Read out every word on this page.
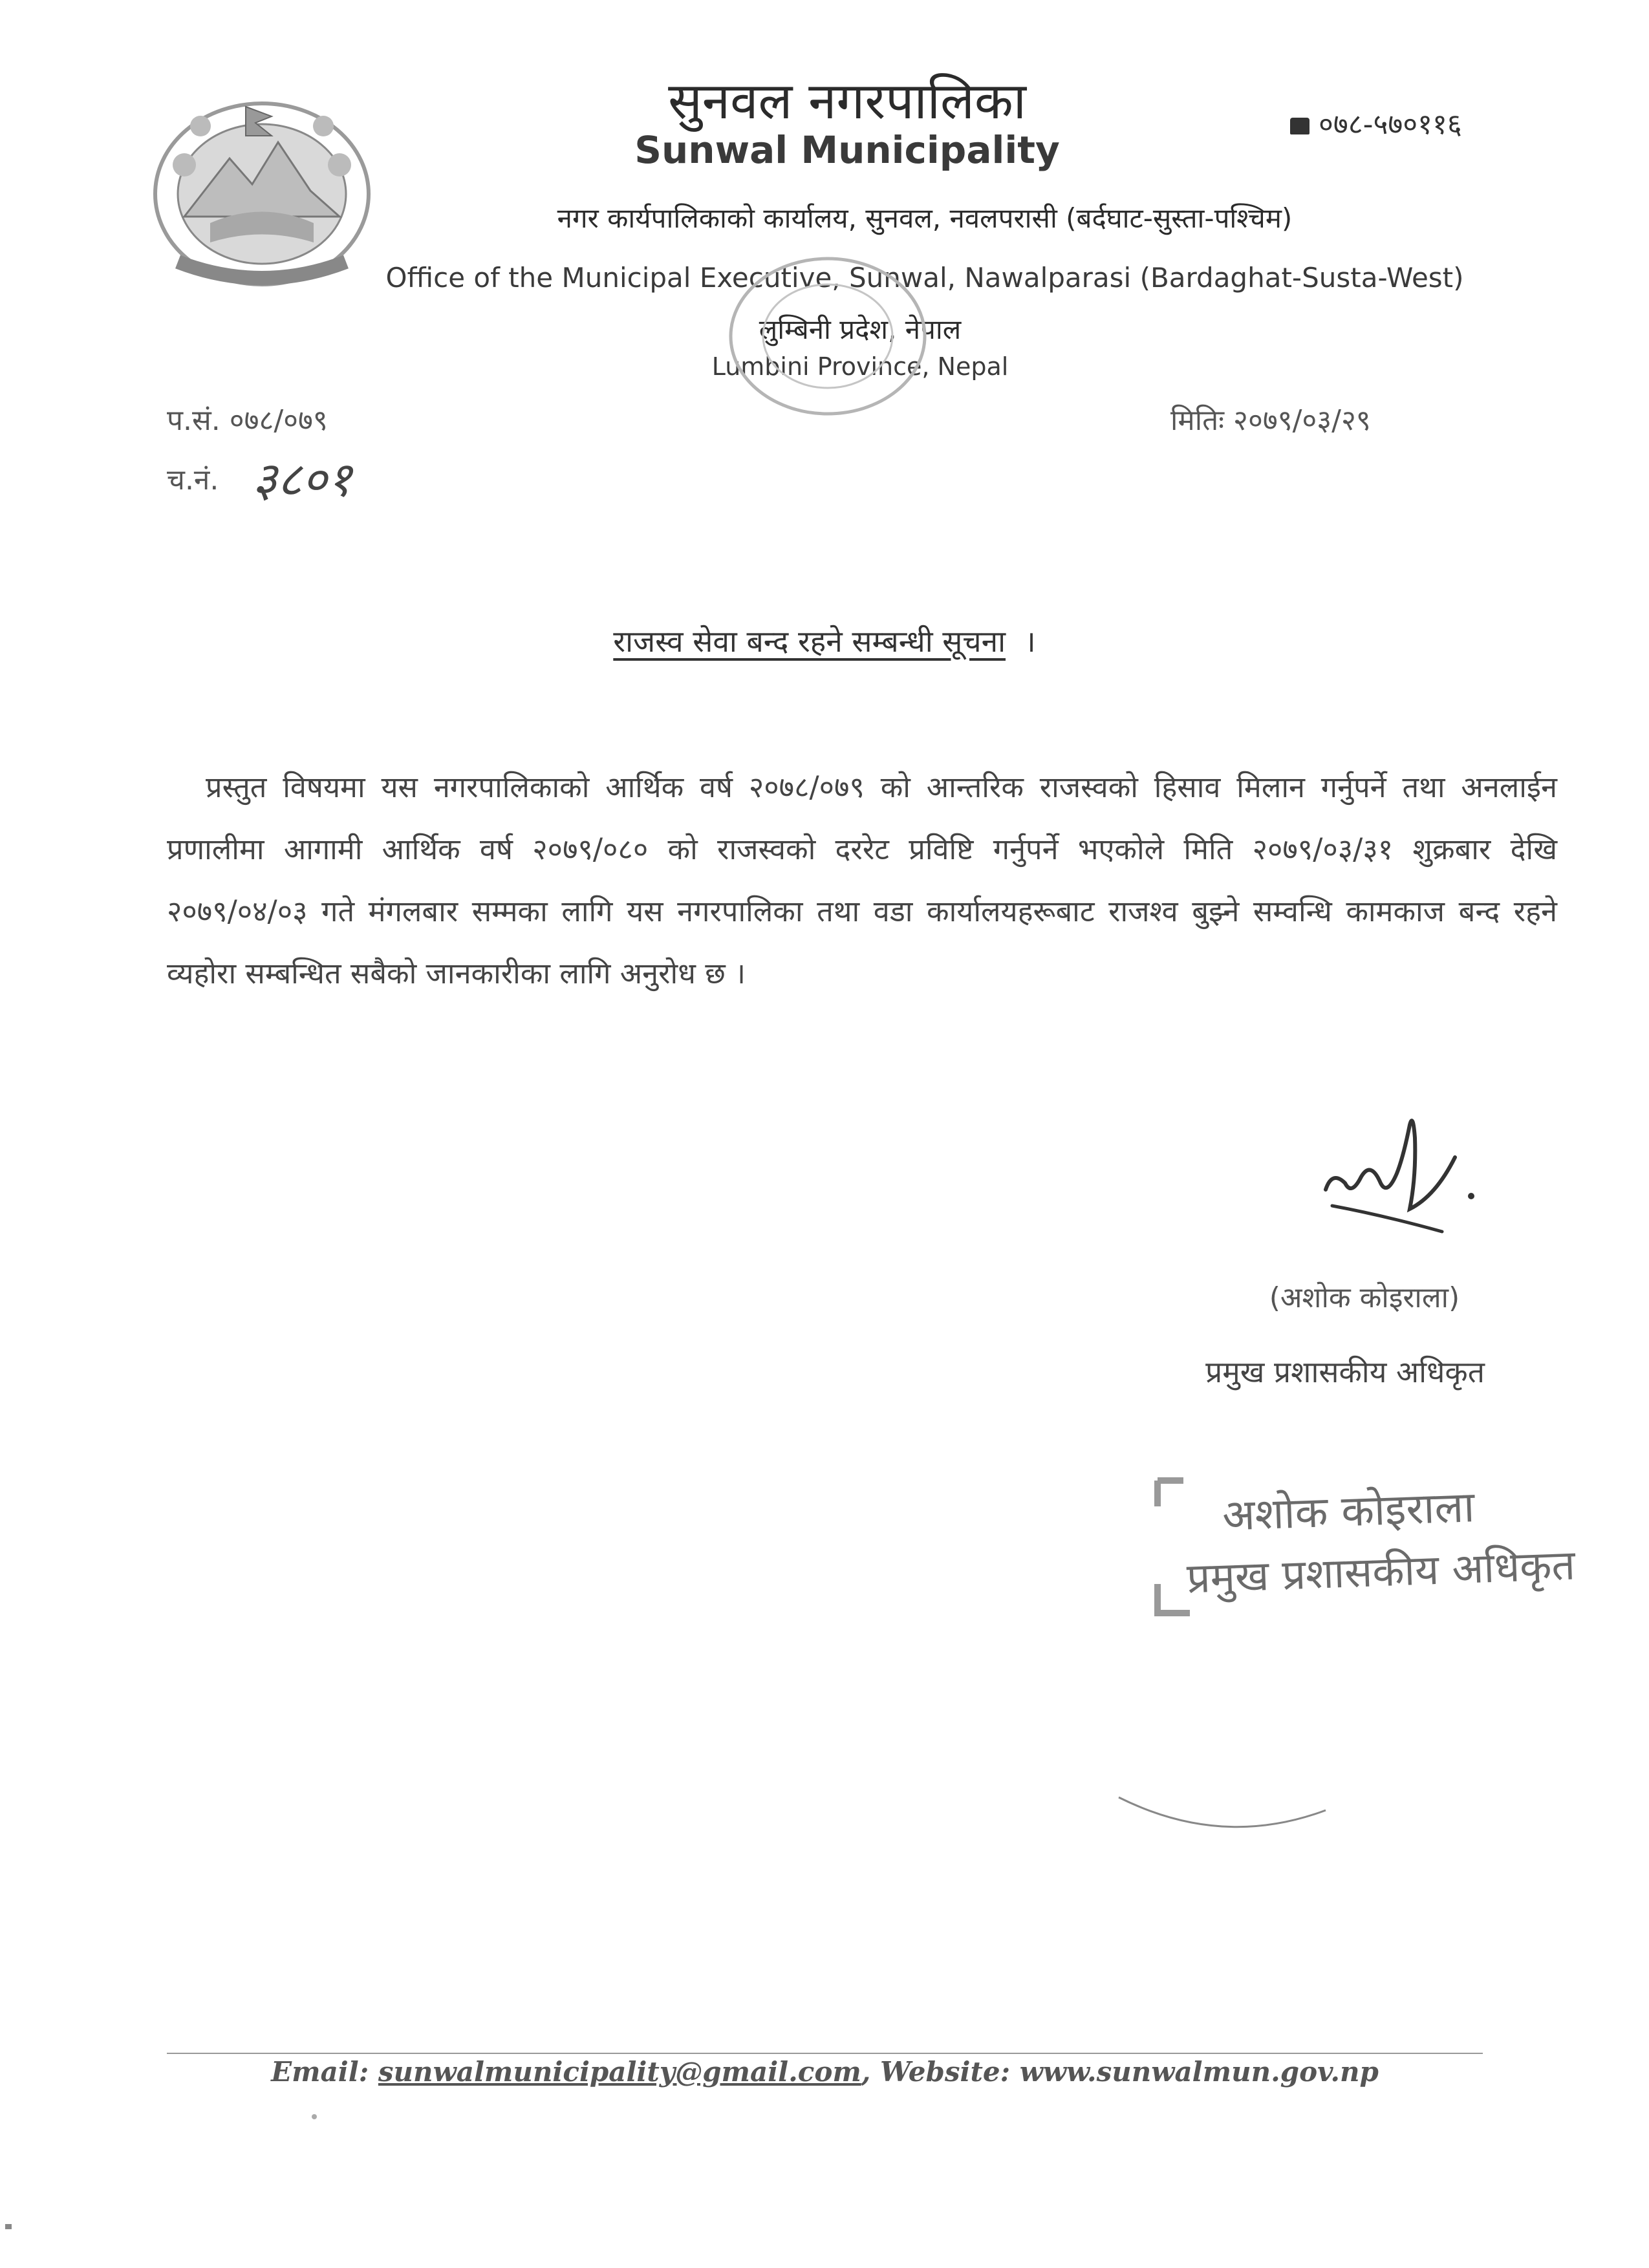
सुनवल नगरपालिका
Sunwal Municipality
०७८-५७०११६
नगर कार्यपालिकाको कार्यालय, सुनवल, नवलपरासी (बर्दघाट-सुस्ता-पश्चिम)
Office of the Municipal Executive, Sunwal, Nawalparasi (Bardaghat-Susta-West)
लुम्बिनी प्रदेश, नेपाल
Lumbini Province, Nepal
प.सं. ०७८/०७९
च.नं. ३८०१
मितिः २०७९/०३/२९
राजस्व सेवा बन्द रहने सम्बन्धी सूचना ।
प्रस्तुत विषयमा यस नगरपालिकाको आर्थिक वर्ष २०७८/०७९ को आन्तरिक राजस्वको हिसाव मिलान गर्नुपर्ने तथा अनलाईन प्रणालीमा आगामी आर्थिक वर्ष २०७९/०८० को राजस्वको दररेट प्रविष्टि गर्नुपर्ने भएकोले मिति २०७९/०३/३१ शुक्रबार देखि २०७९/०४/०३ गते मंगलबार सम्मका लागि यस नगरपालिका तथा वडा कार्यालयहरूबाट राजश्व बुझ्ने सम्वन्धि कामकाज बन्द रहने व्यहोरा सम्बन्धित सबैको जानकारीका लागि अनुरोध छ ।
(अशोक कोइराला)
प्रमुख प्रशासकीय अधिकृत
अशोक कोइराला
प्रमुख प्रशासकीय अधिकृत
Email: sunwalmunicipality@gmail.com, Website: www.sunwalmun.gov.np
